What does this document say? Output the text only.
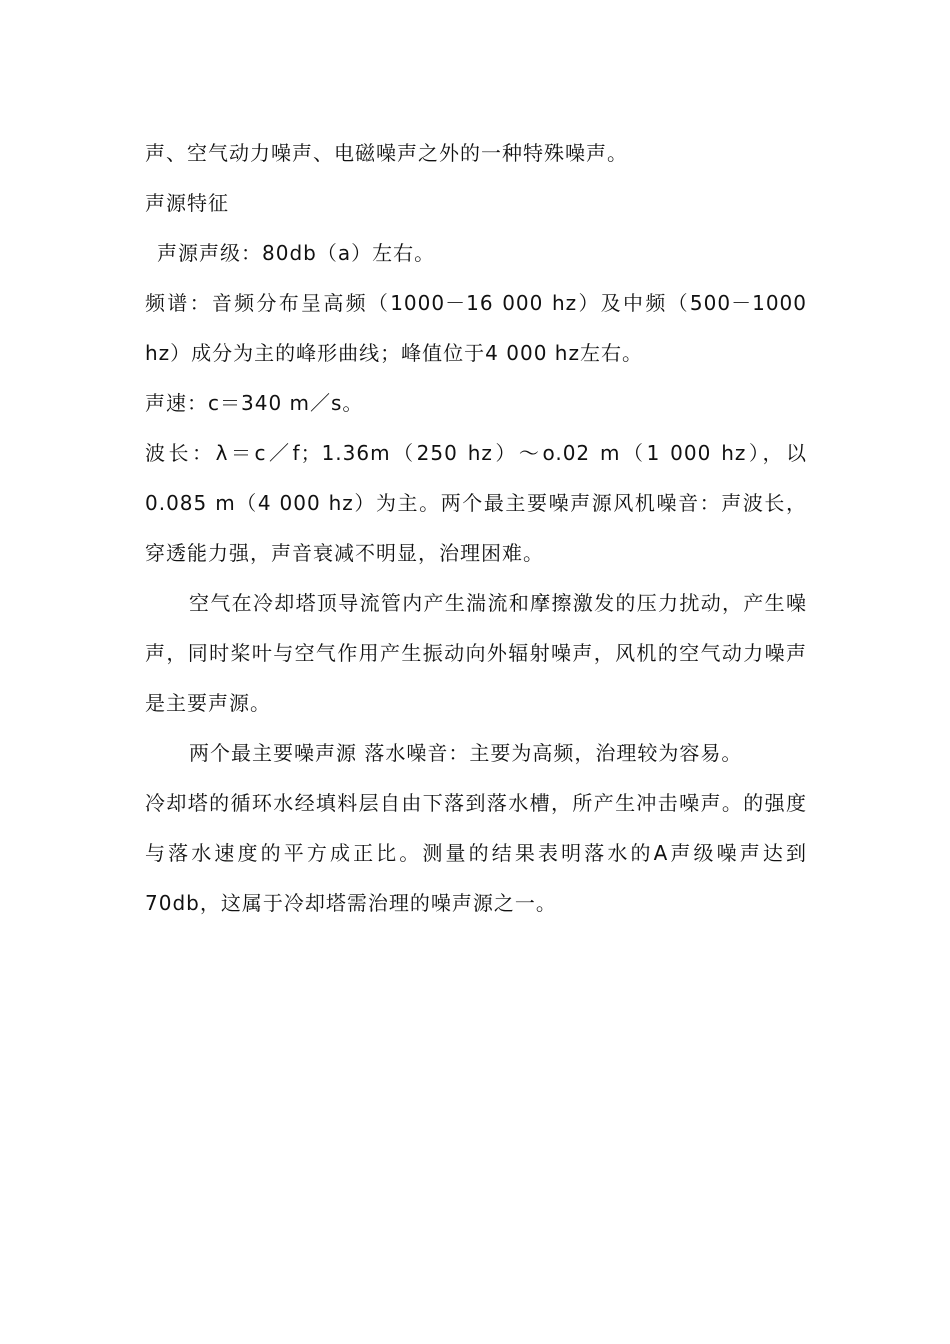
声、空气动力噪声、电磁噪声之外的一种特殊噪声。

声源特征

声源声级：80db（a）左右。

频谱：音频分布呈高频（1000－16 000 hz）及中频（500－1000 hz）成分为主的峰形曲线；峰值位于4 000 hz左右。

声速：c＝340 m／s。

波长：λ＝c／f；1.36m（250 hz）～o.02 m（1 000 hz），以0.085 m（4 000 hz）为主。两个最主要噪声源风机噪音：声波长，穿透能力强，声音衰减不明显，治理困难。

空气在冷却塔顶导流管内产生湍流和摩擦激发的压力扰动，产生噪声，同时桨叶与空气作用产生振动向外辐射噪声，风机的空气动力噪声是主要声源。

两个最主要噪声源 落水噪音：主要为高频，治理较为容易。

冷却塔的循环水经填料层自由下落到落水槽，所产生冲击噪声。的强度与落水速度的平方成正比。测量的结果表明落水的A声级噪声达到70db，这属于冷却塔需治理的噪声源之一。
